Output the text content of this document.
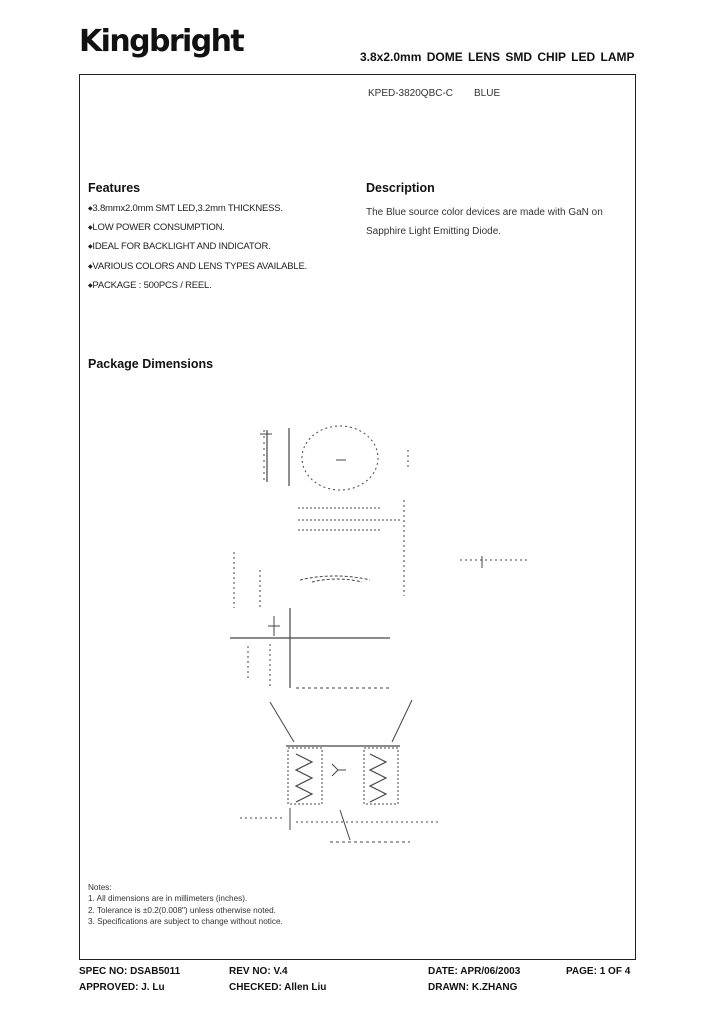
Kingbright	3.8x2.0mm DOME LENS SMD CHIP LED LAMP
KPED-3820QBC-C BLUE
Features
◆ 3.8mmx2.0mm SMT LED,3.2mm THICKNESS.
◆ LOW POWER CONSUMPTION.
◆ IDEAL FOR BACKLIGHT AND INDICATOR.
◆ VARIOUS COLORS AND LENS TYPES AVAILABLE.
◆ PACKAGE : 500PCS / REEL.
Description
The Blue source color devices are made with GaN on Sapphire Light Emitting Diode.
Package Dimensions
Notes:
1. All dimensions are in millimeters (inches).
2. Tolerance is ±0.2(0.008") unless otherwise noted.
3. Specifications are subject to change without notice.
SPEC NO: DSAB5011	REV NO: V.4	DATE: APR/06/2003	PAGE: 1 OF 4
APPROVED: J. Lu	CHECKED: Allen Liu	DRAWN: K.ZHANG
